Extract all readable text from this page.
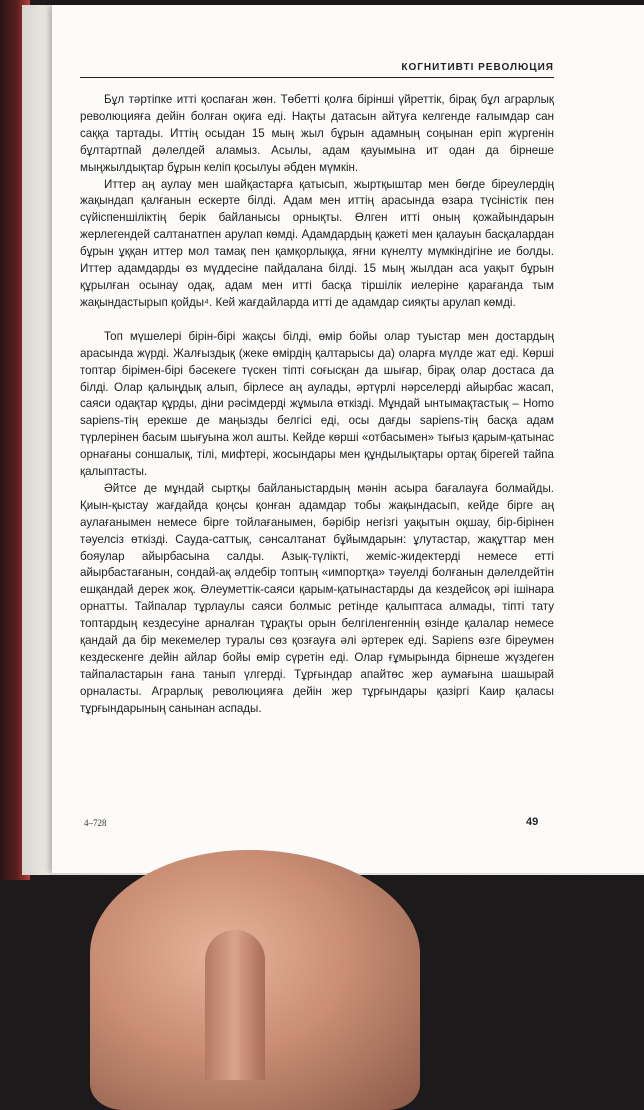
КОГНИТИВТІ РЕВОЛЮЦИЯ

Бұл тәртіпке итті қоспаған жөн. Төбетті қолға бірінші үйреттік, бірақ бұл аграрлық революцияға дейін болған оқиға еді. Нақты датасын айтуға келгенде ғалымдар сан саққа тартады. Иттің осыдан 15 мың жыл бұрын адамның соңынан еріп жүргенін бұлтартпай дәлелдей аламыз. Асылы, адам қауымына ит одан да бірнеше мыңжылдықтар бұрын келіп қосылуы әбден мүмкін.

Иттер аң аулау мен шайқастарға қатысып, жыртқыштар мен бөгде біреулердің жақындап қалғанын ескерте білді. Адам мен иттің арасында өзара түсіністік пен сүйіспеншіліктің берік байланысы орнықты. Өлген итті оның қожайындарын жерлегендей салтанатпен арулап көмді. Адамдардың қажеті мен қалауын басқалардан бұрын ұққан иттер мол тамақ пен қамқорлыққа, яғни күнелту мүмкіндігіне ие болды. Иттер адамдарды өз мүддесіне пайдалана білді. 15 мың жылдан аса уақыт бұрын құрылған осынау одақ, адам мен итті басқа тіршілік иелеріне қарағанда тым жақындастырып қойды⁴. Кей жағдайларда итті де адамдар сияқты арулап көмді.

Топ мүшелері бірін-бірі жақсы білді, өмір бойы олар туыстар мен достардың арасында жүрді. Жалғыздық (жеке өмірдің қалтарысы да) оларға мүлде жат еді. Көрші топтар бірімен-бірі бәсекеге түскен тіпті соғысқан да шығар, бірақ олар достаса да білді. Олар қалыңдық алып, бірлесе аң аулады, әртүрлі нәрселерді айырбас жасап, саяси одақтар құрды, діни рәсімдерді жұмыла өткізді. Мұндай ынтымақтастық – Homo sapiens-тің ерекше де маңызды белгісі еді, осы дағды sapiens-тің басқа адам түрлерінен басым шығуына жол ашты. Кейде көрші «отбасымен» тығыз қарым-қатынас орнағаны соншалық, тілі, мифтері, жосындары мен құндылықтары ортақ бірегей тайпа қалыптасты.

Әйтсе де мұндай сыртқы байланыстардың мәнін асыра бағалауға болмайды. Қиын-қыстау жағдайда қоңсы қонған адамдар тобы жақындасып, кейде бірге аң аулағанымен немесе бірге тойлағанымен, бәрібір негізгі уақытын оқшау, бір-бірінен тәуелсіз өткізді. Сауда-саттық, сәнсалтанат бұйымдарын: ұлутастар, жақұттар мен бояулар айырбасына салды. Азық-түлікті, жеміс-жидектерді немесе етті айырбастағанын, сондай-ақ әлдебір топтың «импортқа» тәуелді болғанын дәлелдейтін ешқандай дерек жоқ. Әлеуметтік-саяси қарым-қатынастарды да кездейсоқ әрі ішінара орнатты. Тайпалар тұрлаулы саяси болмыс ретінде қалыптаса алмады, тіпті тату топтардың кездесуіне арналған тұрақты орын белгіленгеннің өзінде қалалар немесе қандай да бір мекемелер туралы сөз қозғауға әлі әртерек еді. Sapiens өзге біреумен кездескенге дейін айлар бойы өмір сүретін еді. Олар ғұмырында бірнеше жүздеген тайпаластарын ғана танып үлгерді. Тұрғындар апайтөс жер аумағына шашырай орналасты. Аграрлық революцияға дейін жер тұрғындары қазіргі Каир қаласы тұрғындарының санынан аспады.

4–728	49
